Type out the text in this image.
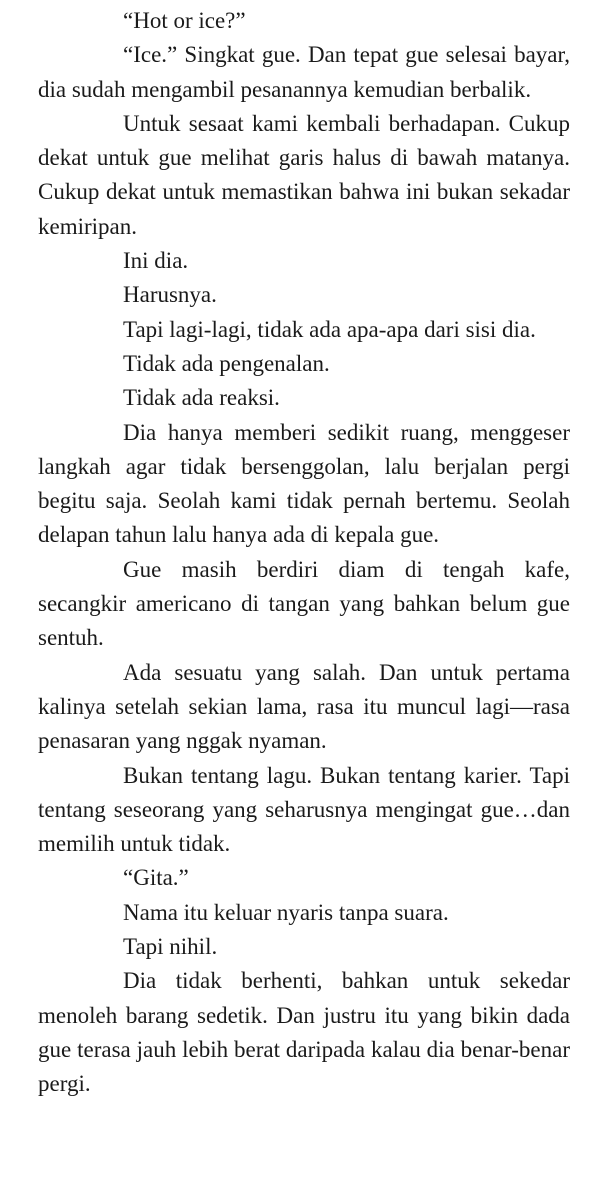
“Hot or ice?”

“Ice.” Singkat gue. Dan tepat gue selesai bayar, dia sudah mengambil pesanannya kemudian berbalik.

Untuk sesaat kami kembali berhadapan. Cukup dekat untuk gue melihat garis halus di bawah matanya. Cukup dekat untuk memastikan bahwa ini bukan sekadar kemiripan.

Ini dia.

Harusnya.

Tapi lagi-lagi, tidak ada apa-apa dari sisi dia.

Tidak ada pengenalan.

Tidak ada reaksi.

Dia hanya memberi sedikit ruang, menggeser langkah agar tidak bersenggolan, lalu berjalan pergi begitu saja. Seolah kami tidak pernah bertemu. Seolah delapan tahun lalu hanya ada di kepala gue.

Gue masih berdiri diam di tengah kafe, secangkir americano di tangan yang bahkan belum gue sentuh.

Ada sesuatu yang salah. Dan untuk pertama kalinya setelah sekian lama, rasa itu muncul lagi—rasa penasaran yang nggak nyaman.

Bukan tentang lagu. Bukan tentang karier. Tapi tentang seseorang yang seharusnya mengingat gue…dan memilih untuk tidak.

“Gita.”

Nama itu keluar nyaris tanpa suara.

Tapi nihil.

Dia tidak berhenti, bahkan untuk sekedar menoleh barang sedetik. Dan justru itu yang bikin dada gue terasa jauh lebih berat daripada kalau dia benar-benar pergi.
